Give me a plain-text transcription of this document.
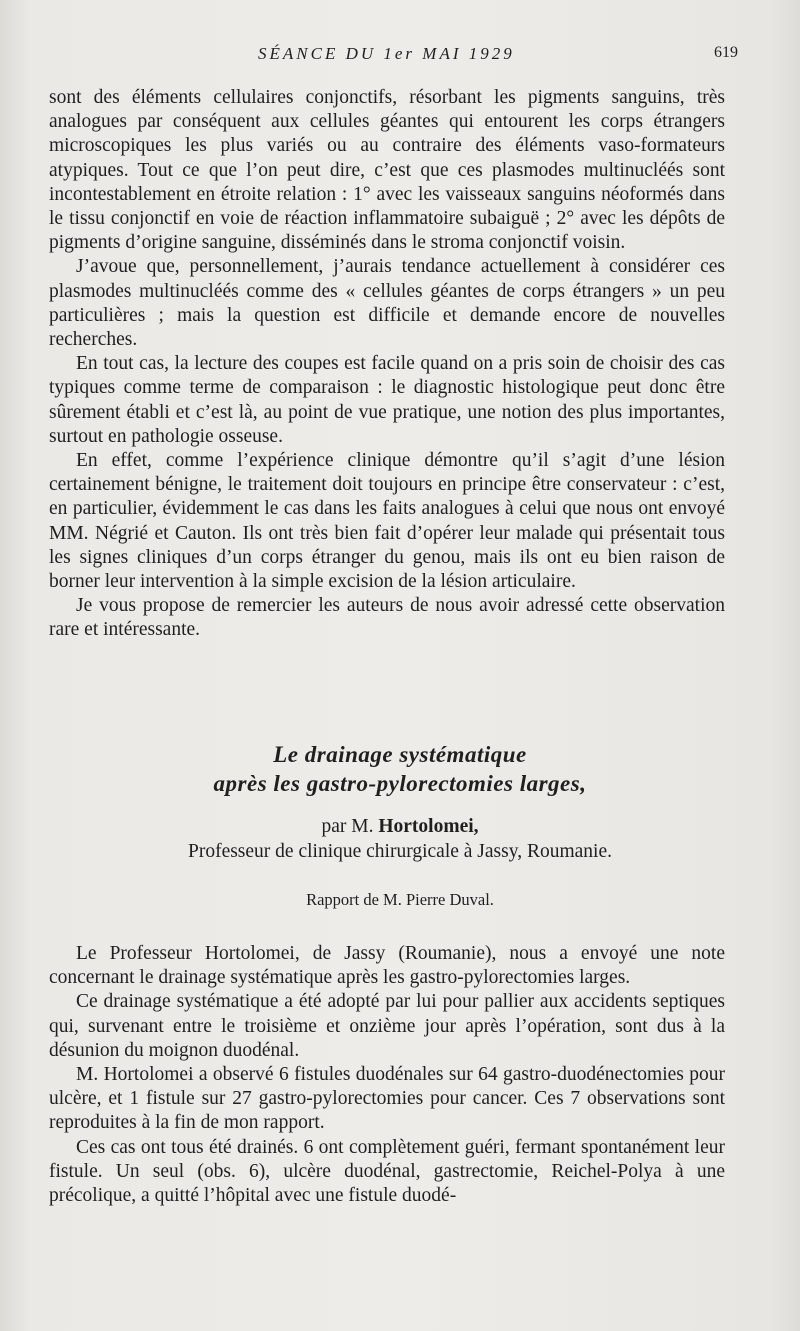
SÉANCE DU 1er MAI 1929	619

sont des éléments cellulaires conjonctifs, résorbant les pigments sanguins, très analogues par conséquent aux cellules géantes qui entourent les corps étrangers microscopiques les plus variés ou au contraire des éléments vaso-formateurs atypiques. Tout ce que l’on peut dire, c’est que ces plasmodes multinucléés sont incontestablement en étroite relation : 1° avec les vaisseaux sanguins néoformés dans le tissu conjonctif en voie de réaction inflammatoire subaiguë ; 2° avec les dépôts de pigments d’origine sanguine, disséminés dans le stroma conjonctif voisin.

J’avoue que, personnellement, j’aurais tendance actuellement à considérer ces plasmodes multinucléés comme des « cellules géantes de corps étrangers » un peu particulières ; mais la question est difficile et demande encore de nouvelles recherches.

En tout cas, la lecture des coupes est facile quand on a pris soin de choisir des cas typiques comme terme de comparaison : le diagnostic histologique peut donc être sûrement établi et c’est là, au point de vue pratique, une notion des plus importantes, surtout en pathologie osseuse.

En effet, comme l’expérience clinique démontre qu’il s’agit d’une lésion certainement bénigne, le traitement doit toujours en principe être conservateur : c’est, en particulier, évidemment le cas dans les faits analogues à celui que nous ont envoyé MM. Négrié et Cauton. Ils ont très bien fait d’opérer leur malade qui présentait tous les signes cliniques d’un corps étranger du genou, mais ils ont eu bien raison de borner leur intervention à la simple excision de la lésion articulaire.

Je vous propose de remercier les auteurs de nous avoir adressé cette observation rare et intéressante.

Le drainage systématique
après les gastro-pylorectomies larges,
par M. Hortolomei,
Professeur de clinique chirurgicale à Jassy, Roumanie.
Rapport de M. Pierre Duval.

Le Professeur Hortolomei, de Jassy (Roumanie), nous a envoyé une note concernant le drainage systématique après les gastro-pylorectomies larges.

Ce drainage systématique a été adopté par lui pour pallier aux accidents septiques qui, survenant entre le troisième et onzième jour après l’opération, sont dus à la désunion du moignon duodénal.

M. Hortolomei a observé 6 fistules duodénales sur 64 gastro-duodénectomies pour ulcère, et 1 fistule sur 27 gastro-pylorectomies pour cancer. Ces 7 observations sont reproduites à la fin de mon rapport.

Ces cas ont tous été drainés. 6 ont complètement guéri, fermant spontanément leur fistule. Un seul (obs. 6), ulcère duodénal, gastrectomie, Reichel-Polya à une précolique, a quitté l’hôpital avec une fistule duodé-
